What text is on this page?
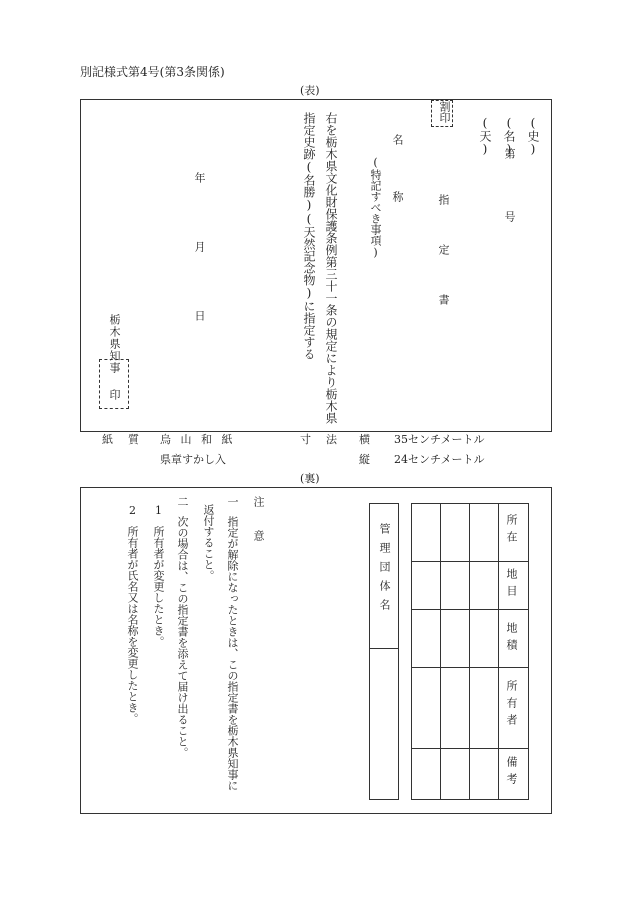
別記様式第4号(第3条関係)
(表)
(史)
(名)
(天)
第　　号
割印
指　定　書
名　　称
(特記すべき事項)
右を栃木県文化財保護条例第三十一条の規定により栃木県
指定史跡(名勝)(天然記念物)に指定する
年　　月　　日
栃木県知事
印
紙　質 烏 山 和 紙
県章すかし入
寸　法 横 35センチメートル
縦 24センチメートル
(裏)
所在
地目
地積
所有者
備考
管理団体名
注　意
一
指定が解除になったときは、この指定書を栃木県知事に
返付すること。
二
次の場合は、この指定書を添えて届け出ること。
1
所有者が変更したとき。
2
所有者が氏名又は名称を変更したとき。
